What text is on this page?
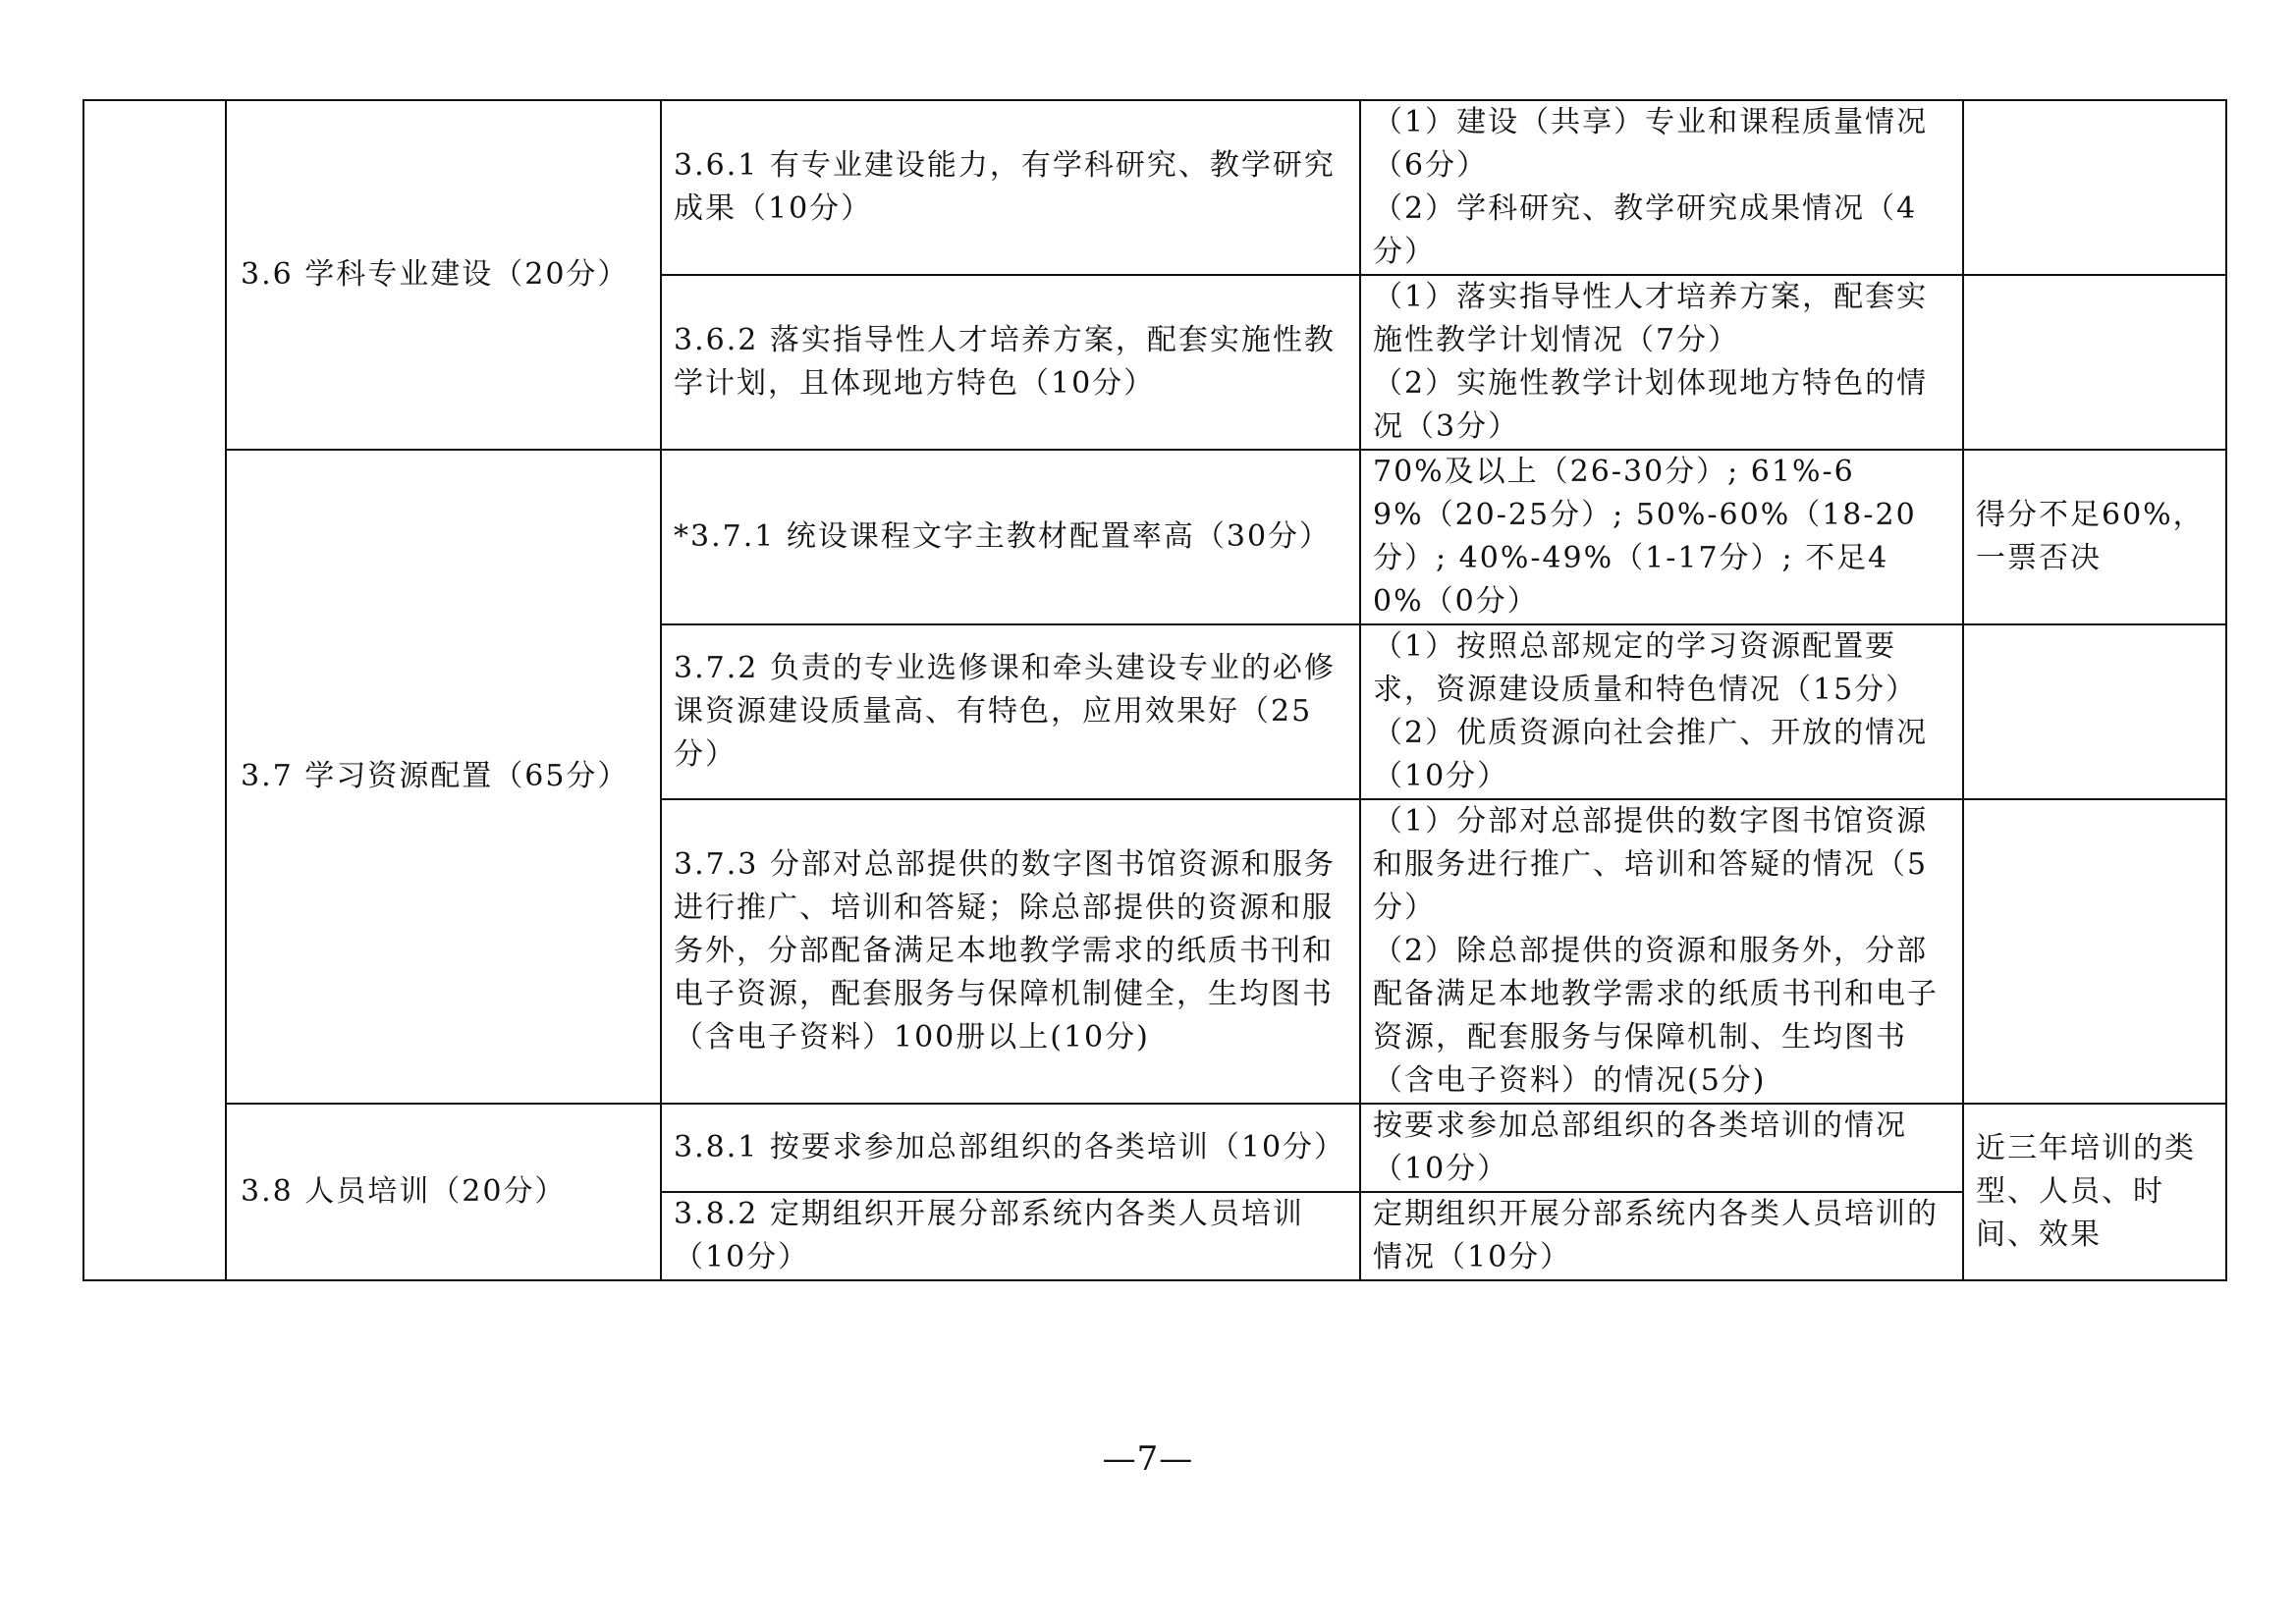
	3.6 学科专业建设（20分）	3.6.1 有专业建设能力，有学科研究、教学研究成果（10分）	（1）建设（共享）专业和课程质量情况（6分）
（2）学科研究、教学研究成果情况（4分）	

		3.6.2 落实指导性人才培养方案，配套实施性教学计划，且体现地方特色（10分）	（1）落实指导性人才培养方案，配套实施性教学计划情况（7分）
（2）实施性教学计划体现地方特色的情况（3分）	

	3.7 学习资源配置（65分）	*3.7.1 统设课程文字主教材配置率高（30分）	70%及以上（26-30分）; 61%-69%（20-25分）; 50%-60%（18-20分）; 40%-49%（1-17分）; 不足40%（0分）	得分不足60%，一票否决
		3.7.2 负责的专业选修课和牵头建设专业的必修课资源建设质量高、有特色，应用效果好（25分）	（1）按照总部规定的学习资源配置要求，资源建设质量和特色情况（15分）
（2）优质资源向社会推广、开放的情况（10分）	

		3.7.3 分部对总部提供的数字图书馆资源和服务进行推广、培训和答疑；除总部提供的资源和服务外，分部配备满足本地教学需求的纸质书刊和电子资源，配套服务与保障机制健全，生均图书（含电子资料）100册以上(10分)	（1）分部对总部提供的数字图书馆资源和服务进行推广、培训和答疑的情况（5分）
（2）除总部提供的资源和服务外，分部配备满足本地教学需求的纸质书刊和电子资源，配套服务与保障机制、生均图书（含电子资料）的情况(5分)	

	3.8 人员培训（20分）	3.8.1 按要求参加总部组织的各类培训（10分）	按要求参加总部组织的各类培训的情况（10分）	近三年培训的类型、人员、时间、效果
		3.8.2 定期组织开展分部系统内各类人员培训（10分）	定期组织开展分部系统内各类人员培训的情况（10分）	
—7—
